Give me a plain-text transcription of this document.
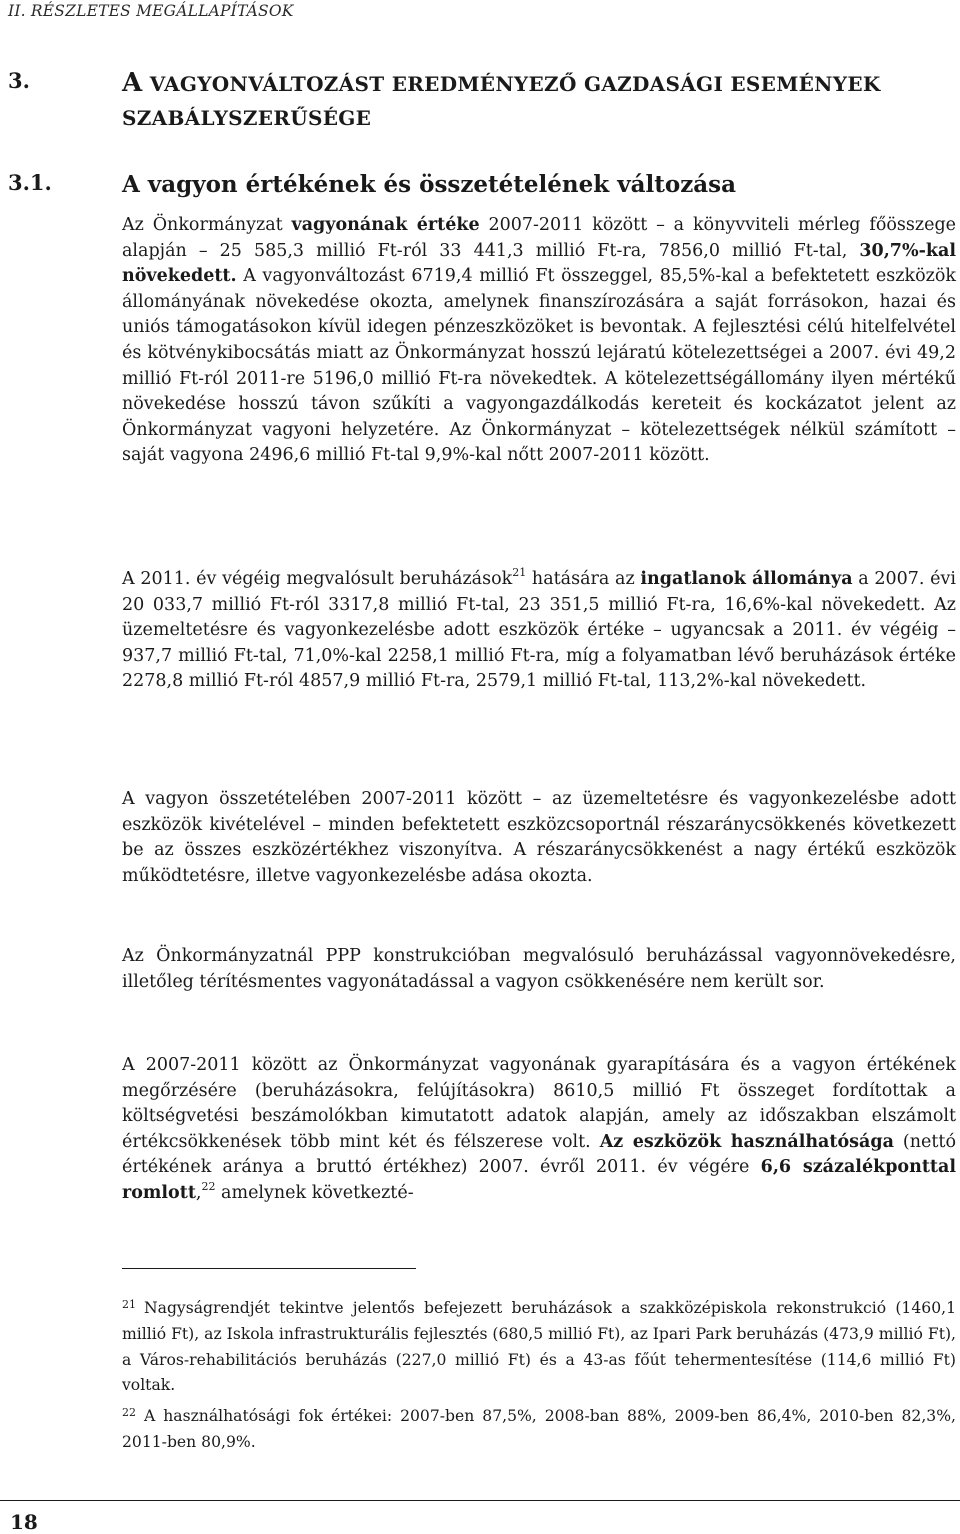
II. RÉSZLETES MEGÁLLAPÍTÁSOK
3.	A VAGYONVÁLTOZÁST EREDMÉNYEZŐ GAZDASÁGI ESEMÉNYEK SZABÁLYSZERŰSÉGE
3.1.	A vagyon értékének és összetételének változása

Az Önkormányzat vagyonának értéke 2007-2011 között – a könyvviteli mérleg főösszege alapján – 25 585,3 millió Ft-ról 33 441,3 millió Ft-ra, 7856,0 millió Ft-tal, 30,7%-kal növekedett. A vagyonváltozást 6719,4 millió Ft összeggel, 85,5%-kal a befektetett eszközök állományának növekedése okozta, amelynek finanszírozására a saját forrásokon, hazai és uniós támogatásokon kívül idegen pénzeszközöket is bevontak. A fejlesztési célú hitelfelvétel és kötvénykibocsátás miatt az Önkormányzat hosszú lejáratú kötelezettségei a 2007. évi 49,2 millió Ft-ról 2011-re 5196,0 millió Ft-ra növekedtek. A kötelezettségállomány ilyen mértékű növekedése hosszú távon szűkíti a vagyongazdálkodás kereteit és kockázatot jelent az Önkormányzat vagyoni helyzetére. Az Önkormányzat – kötelezettségek nélkül számított – saját vagyona 2496,6 millió Ft-tal 9,9%-kal nőtt 2007-2011 között.

A 2011. év végéig megvalósult beruházások$^{21}$ hatására az ingatlanok állománya a 2007. évi 20 033,7 millió Ft-ról 3317,8 millió Ft-tal, 23 351,5 millió Ft-ra, 16,6%-kal növekedett. Az üzemeltetésre és vagyonkezelésbe adott eszközök értéke – ugyancsak a 2011. év végéig – 937,7 millió Ft-tal, 71,0%-kal 2258,1 millió Ft-ra, míg a folyamatban lévő beruházások értéke 2278,8 millió Ft-ról 4857,9 millió Ft-ra, 2579,1 millió Ft-tal, 113,2%-kal növekedett.

A vagyon összetételében 2007-2011 között – az üzemeltetésre és vagyonkezelésbe adott eszközök kivételével – minden befektetett eszközcsoportnál részaránycsökkenés következett be az összes eszközértékhez viszonyítva. A részaránycsökkenést a nagy értékű eszközök működtetésre, illetve vagyonkezelésbe adása okozta.

Az Önkormányzatnál PPP konstrukcióban megvalósuló beruházással vagyonnövekedésre, illetőleg térítésmentes vagyonátadással a vagyon csökkenésére nem került sor.

A 2007-2011 között az Önkormányzat vagyonának gyarapítására és a vagyon értékének megőrzésére (beruházásokra, felújításokra) 8610,5 millió Ft összeget fordítottak a költségvetési beszámolókban kimutatott adatok alapján, amely az időszakban elszámolt értékcsökkenések több mint két és félszerese volt. Az eszközök használhatósága (nettó értékének aránya a bruttó értékhez) 2007. évről 2011. év végére 6,6 százalékponttal romlott,$^{22}$ amelynek következté-

$^{21}$ Nagyságrendjét tekintve jelentős befejezett beruházások a szakközépiskola rekonstrukció (1460,1 millió Ft), az Iskola infrastrukturális fejlesztés (680,5 millió Ft), az Ipari Park beruházás (473,9 millió Ft), a Város-rehabilitációs beruházás (227,0 millió Ft) és a 43-as főút tehermentesítése (114,6 millió Ft) voltak.

$^{22}$ A használhatósági fok értékei: 2007-ben 87,5%, 2008-ban 88%, 2009-ben 86,4%, 2010-ben 82,3%, 2011-ben 80,9%.

18
